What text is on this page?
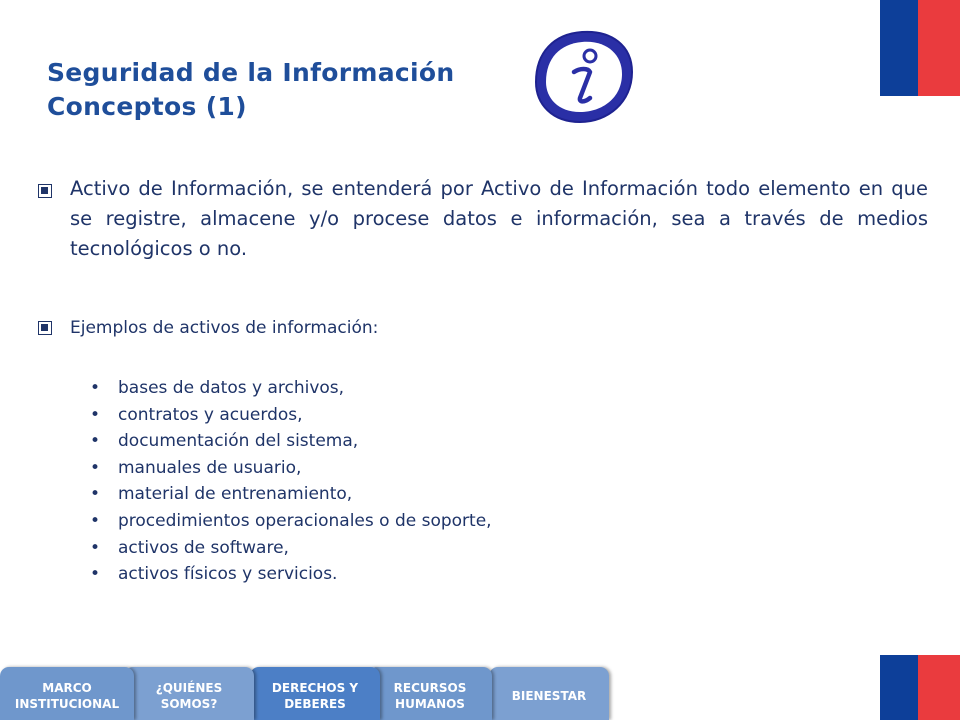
Seguridad de la Información
Conceptos (1)
Activo de Información, se entenderá por Activo de Información todo elemento en que se registre, almacene y/o procese datos e información, sea a través de medios tecnológicos o no.
Ejemplos de activos de información:
• bases de datos y archivos,
• contratos y acuerdos,
• documentación del sistema,
• manuales de usuario,
• material de entrenamiento,
• procedimientos operacionales o de soporte,
• activos de software,
• activos físicos y servicios.
BIENESTAR
RECURSOS
HUMANOS
DERECHOS Y
DEBERES
¿QUIÉNES
SOMOS?
MARCO
INSTITUCIONAL
